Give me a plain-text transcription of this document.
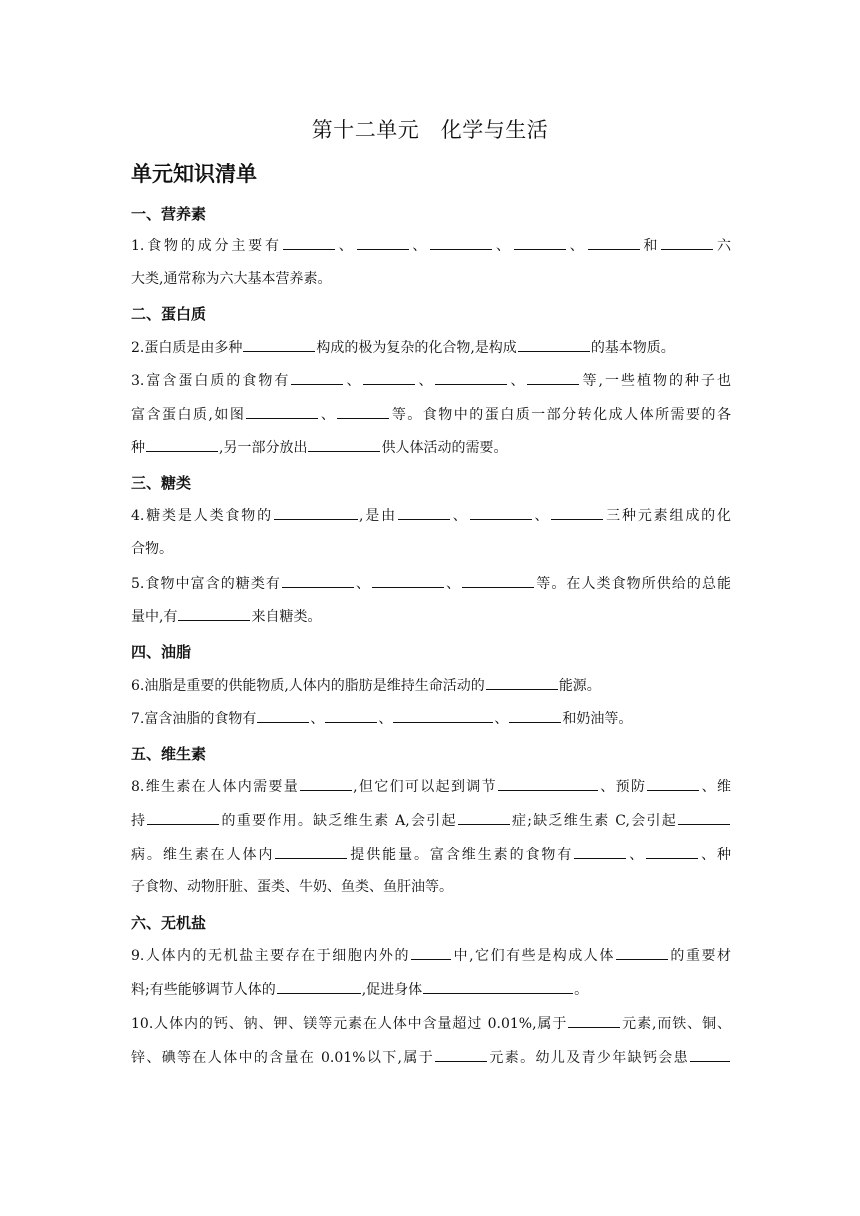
第十二单元　化学与生活
单元知识清单
一、营养素
1.食物的成分主要有	、	、	、	、	和	六
大类,通常称为六大基本营养素。
二、蛋白质
2.蛋白质是由多种	构成的极为复杂的化合物,是构成	的基本物质。
3.富含蛋白质的食物有	、	、	、	等,一些植物的种子也
富含蛋白质,如图	、	等。食物中的蛋白质一部分转化成人体所需要的各
种	,另一部分放出	供人体活动的需要。
三、糖类
4.糖类是人类食物的	,是由	、	、	三种元素组成的化
合物。
5.食物中富含的糖类有	、	、	等。在人类食物所供给的总能
量中,有	来自糖类。
四、油脂
6.油脂是重要的供能物质,人体内的脂肪是维持生命活动的	能源。
7.富含油脂的食物有	、	、	、	和奶油等。
五、维生素
8.维生素在人体内需要量	,但它们可以起到调节	、预防	、维
持	的重要作用。缺乏维生素 A,会引起	症;缺乏维生素 C,会引起
病。维生素在人体内	提供能量。富含维生素的食物有	、	、种
子食物、动物肝脏、蛋类、牛奶、鱼类、鱼肝油等。
六、无机盐
9.人体内的无机盐主要存在于细胞内外的	中,它们有些是构成人体	的重要材
料;有些能够调节人体的	,促进身体	。
10.人体内的钙、钠、钾、镁等元素在人体中含量超过 0.01%,属于	元素,而铁、铜、
锌、碘等在人体中的含量在 0.01%以下,属于	元素。幼儿及青少年缺钙会患
